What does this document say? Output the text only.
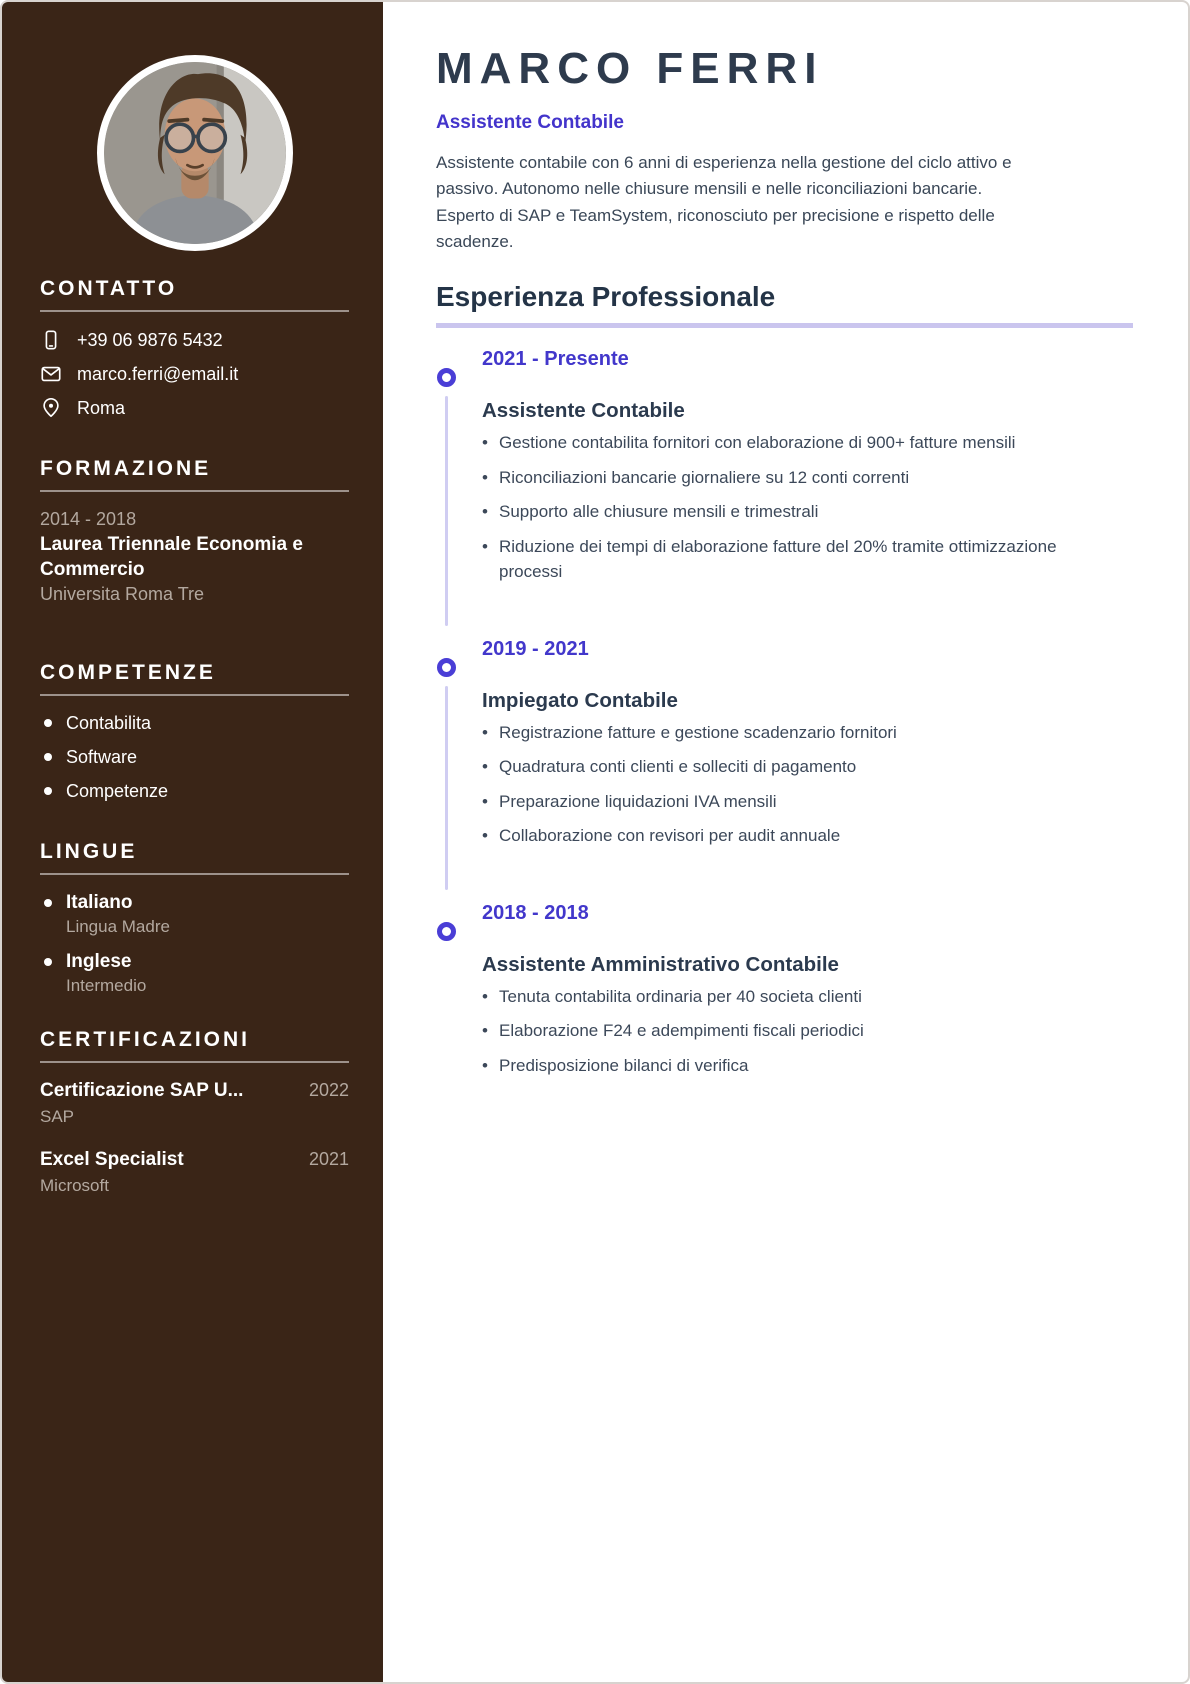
CONTATTO
+39 06 9876 5432
marco.ferri@email.it
Roma
FORMAZIONE
2014 - 2018
Laurea Triennale Economia e Commercio
Universita Roma Tre
COMPETENZE
Contabilita
Software
Competenze
LINGUE
Italiano
Lingua Madre
Inglese
Intermedio
CERTIFICAZIONI
Certificazione SAP U...	2022
SAP
Excel Specialist	2021
Microsoft
MARCO FERRI
Assistente Contabile

Assistente contabile con 6 anni di esperienza nella gestione del ciclo attivo e passivo. Autonomo nelle chiusure mensili e nelle riconciliazioni bancarie. Esperto di SAP e TeamSystem, riconosciuto per precisione e rispetto delle scadenze.

Esperienza Professionale
2021 - Presente
Assistente Contabile
• Gestione contabilita fornitori con elaborazione di 900+ fatture mensili
• Riconciliazioni bancarie giornaliere su 12 conti correnti
• Supporto alle chiusure mensili e trimestrali
• Riduzione dei tempi di elaborazione fatture del 20% tramite ottimizzazione processi
2019 - 2021
Impiegato Contabile
• Registrazione fatture e gestione scadenzario fornitori
• Quadratura conti clienti e solleciti di pagamento
• Preparazione liquidazioni IVA mensili
• Collaborazione con revisori per audit annuale
2018 - 2018
Assistente Amministrativo Contabile
• Tenuta contabilita ordinaria per 40 societa clienti
• Elaborazione F24 e adempimenti fiscali periodici
• Predisposizione bilanci di verifica
